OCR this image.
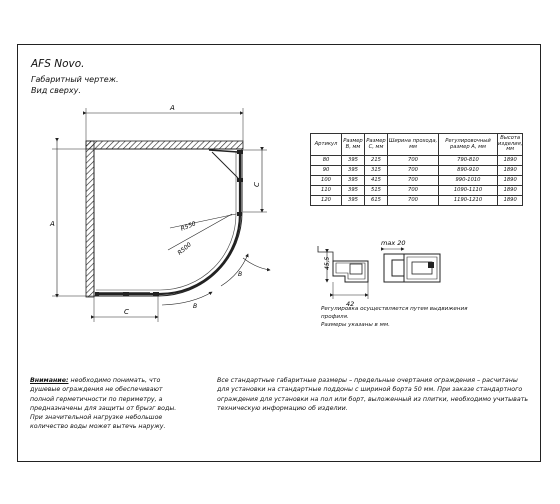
AFS Novo.
Габаритный чертеж.
Вид сверху.
A
A
C
C
R550
R500
B
B
max 20
45,5
42
Артикул	Размер B, мм	Размер C, мм	Ширина прохода, мм	Регулировочный размер А, мм	Высота изделия, мм
80	395	215	700	790-810	1890
90	395	315	700	890-910	1890
100	395	415	700	990-1010	1890
110	395	515	700	1090-1110	1890
120	395	615	700	1190-1210	1890
Регулировка осуществляется путем выдвижения
профиля.
Размеры указаны в мм.
Внимание: необходимо понимать, что
душевые ограждения не обеспечивают
полной герметичности по периметру, а
предназначены для защиты от брызг воды.
При значительной нагрузке небольшое
количество воды может вытечь наружу.
Все стандартные габаритные размеры – предельные очертания ограждения – расчитаны
для установки на стандартные поддоны с шириной борта 50 мм. При заказе стандартного
ограждения для установки на пол или борт, выложенный из плитки, необходимо учитывать
техническую информацию об изделии.
